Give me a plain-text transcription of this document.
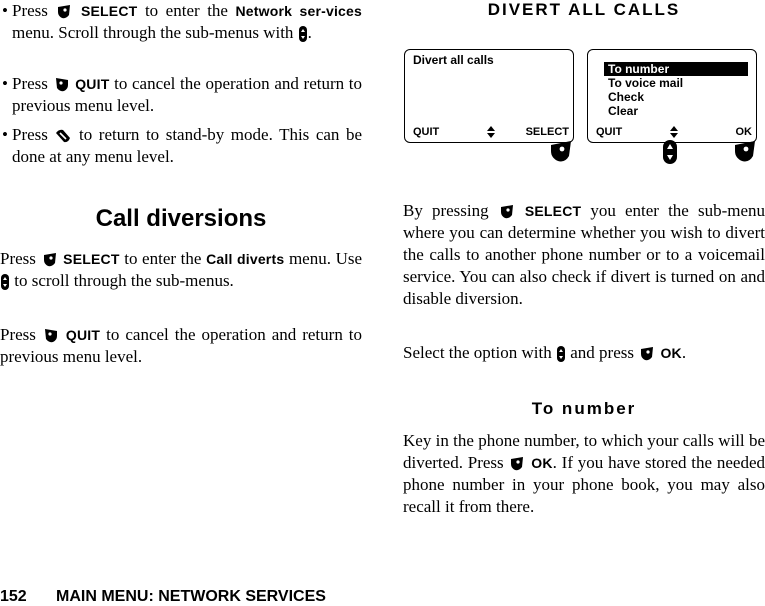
• Press SELECT to enter the Network ser-vices menu. Scroll through the sub-menus with .
• Press QUIT to cancel the operation and return to previous menu level.
• Press to return to stand-by mode. This can be done at any menu level.
Call diversions
Press SELECT to enter the Call diverts menu. Use
to scroll through the sub-menus.
Press QUIT to cancel the operation and return to previous menu level.
DIVERT ALL CALLS
Divert all calls
QUIT	SELECT
To number
To voice mail
Check
Clear
QUIT	OK
By pressing	SELECT you enter the sub-menu where you can determine whether you wish to divert the calls to another phone number or to a voicemail service. You can also check if divert is turned on and disable diversion.
Select the option with and press OK.
To number
Key in the phone number, to which your calls will be diverted. Press OK. If you have stored the needed phone number in your phone book, you may also recall it from there.
152 MAIN MENU: NETWORK SERVICES
